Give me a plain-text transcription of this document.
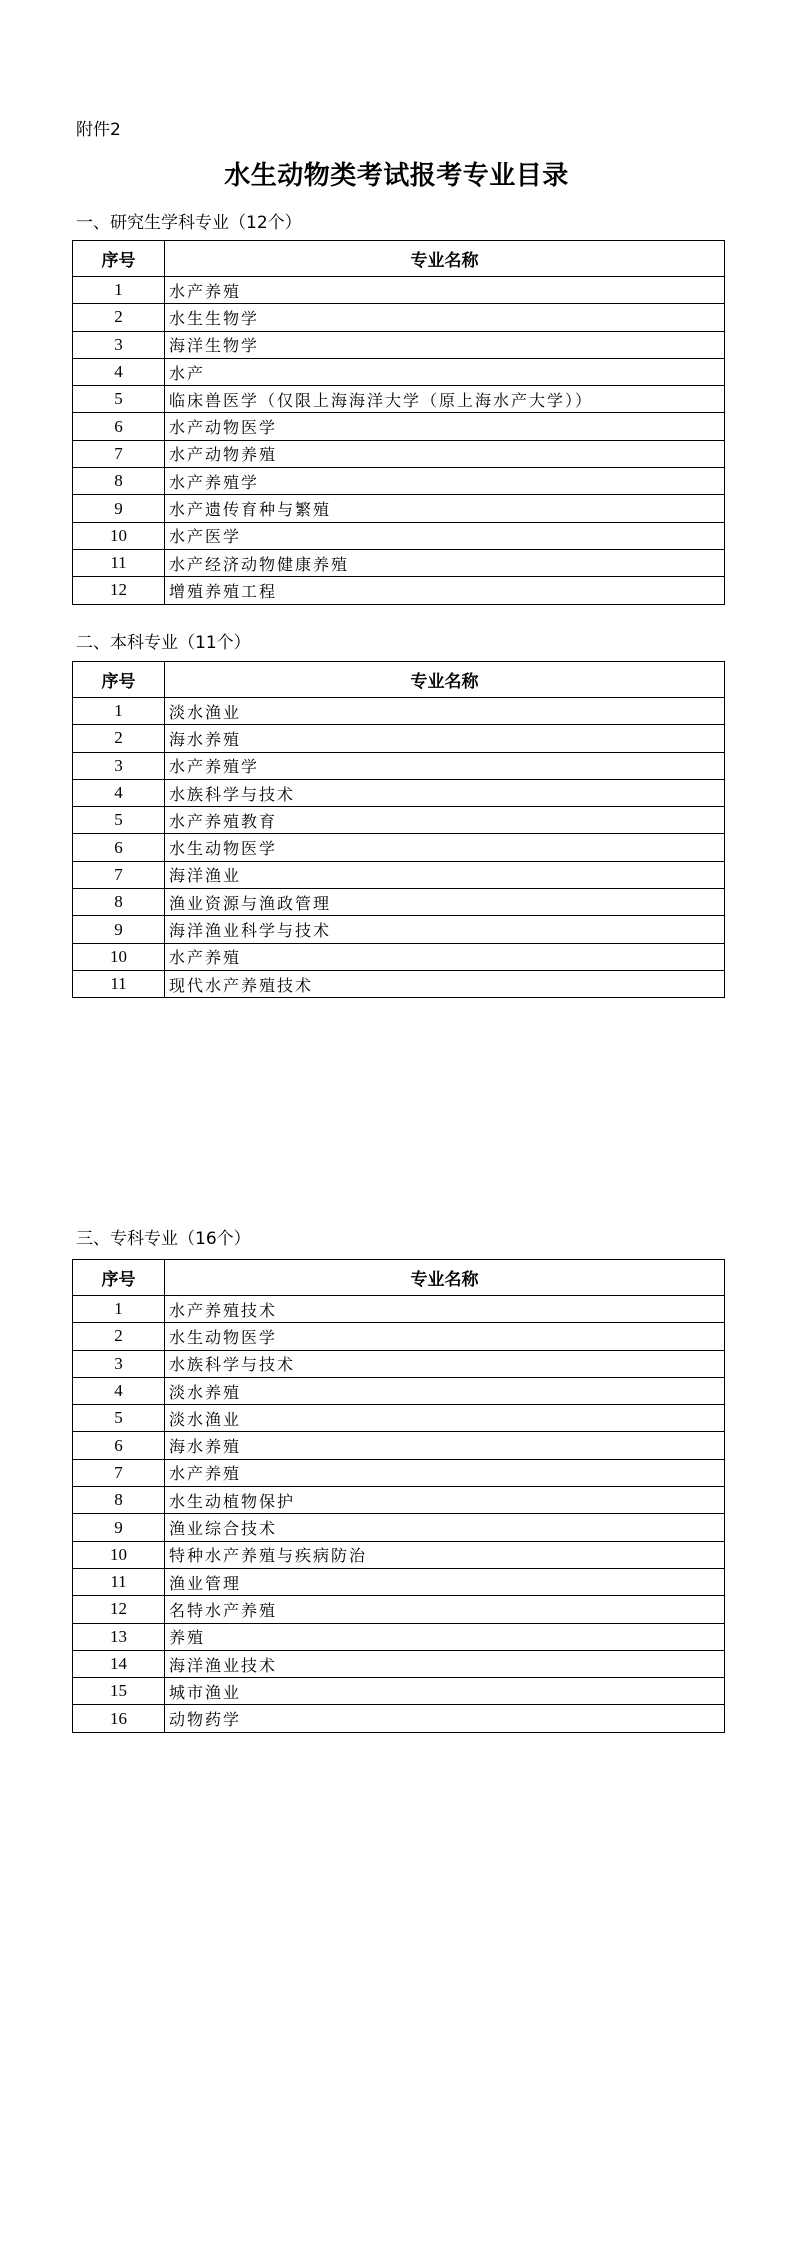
附件2
水生动物类考试报考专业目录
一、研究生学科专业（12个）
序号	专业名称
1	水产养殖
2	水生生物学
3	海洋生物学
4	水产
5	临床兽医学（仅限上海海洋大学（原上海水产大学））
6	水产动物医学
7	水产动物养殖
8	水产养殖学
9	水产遗传育种与繁殖
10	水产医学
11	水产经济动物健康养殖
12	增殖养殖工程
二、本科专业（11个）
序号	专业名称
1	淡水渔业
2	海水养殖
3	水产养殖学
4	水族科学与技术
5	水产养殖教育
6	水生动物医学
7	海洋渔业
8	渔业资源与渔政管理
9	海洋渔业科学与技术
10	水产养殖
11	现代水产养殖技术
三、专科专业（16个）
序号	专业名称
1	水产养殖技术
2	水生动物医学
3	水族科学与技术
4	淡水养殖
5	淡水渔业
6	海水养殖
7	水产养殖
8	水生动植物保护
9	渔业综合技术
10	特种水产养殖与疾病防治
11	渔业管理
12	名特水产养殖
13	养殖
14	海洋渔业技术
15	城市渔业
16	动物药学
